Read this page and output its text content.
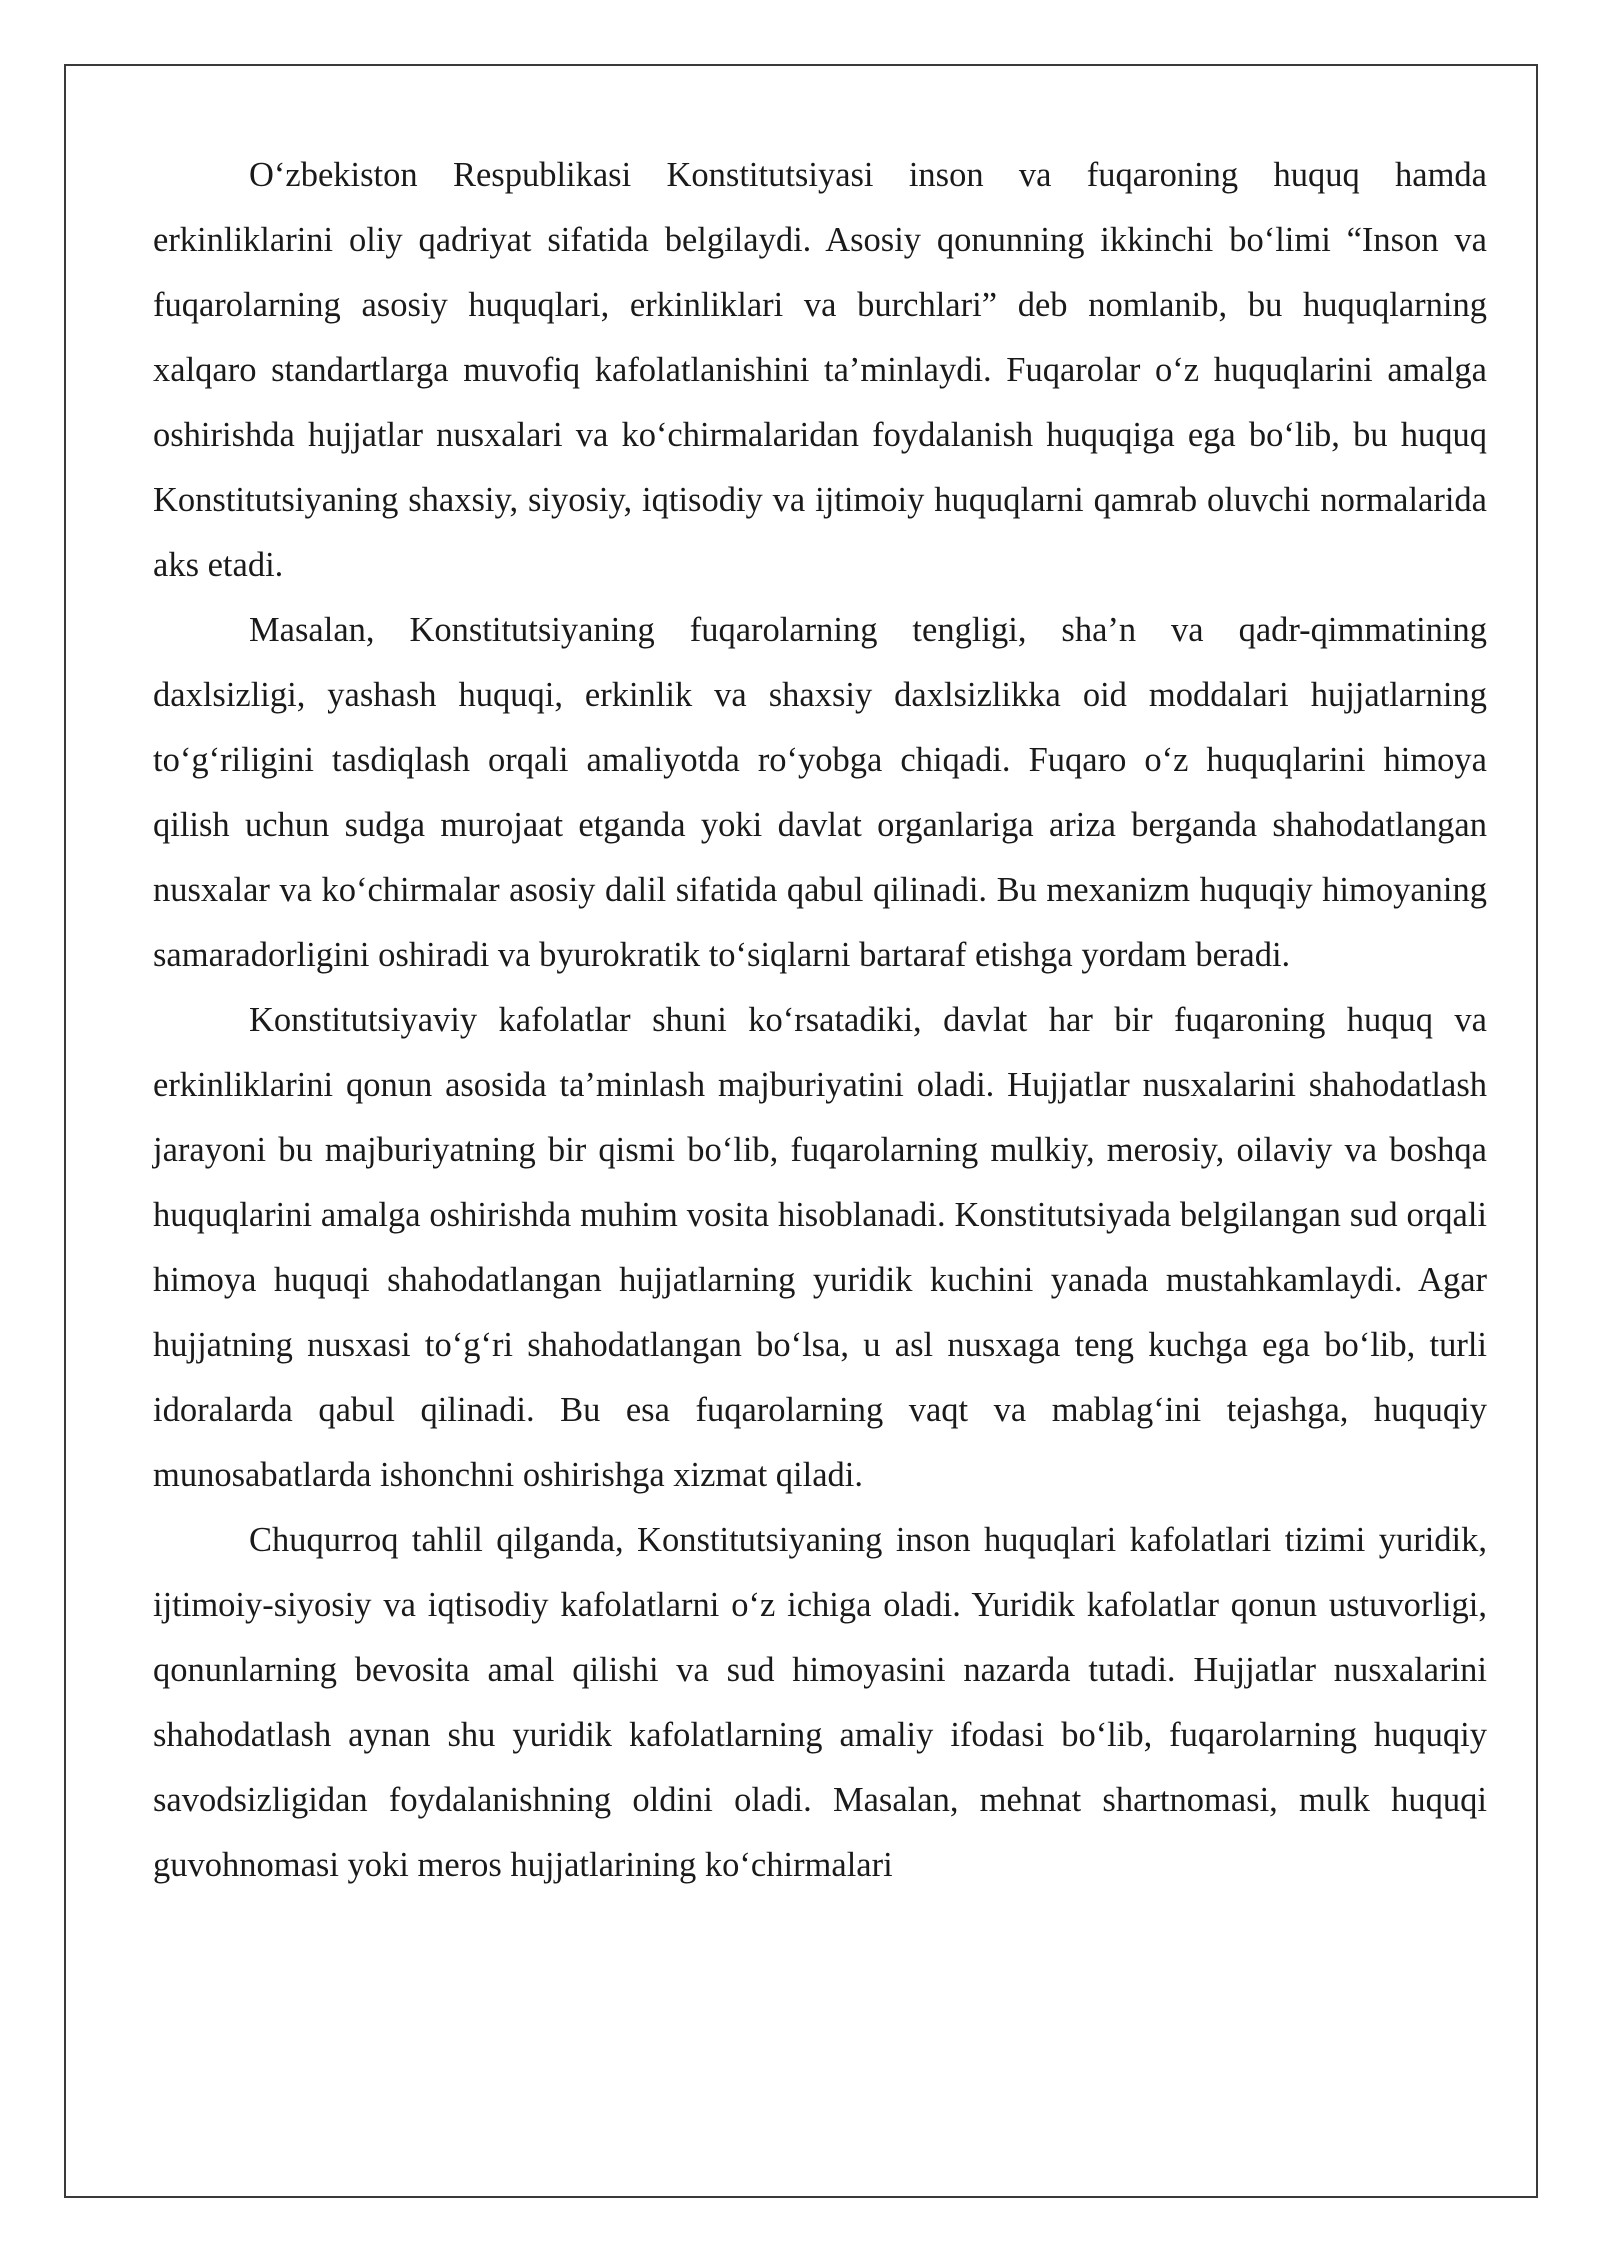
O‘zbekiston Respublikasi Konstitutsiyasi inson va fuqaroning huquq hamda erkinliklarini oliy qadriyat sifatida belgilaydi. Asosiy qonunning ikkinchi bo‘limi “Inson va fuqarolarning asosiy huquqlari, erkinliklari va burchlari” deb nomlanib, bu huquqlarning xalqaro standartlarga muvofiq kafolatlanishini ta’minlaydi. Fuqarolar o‘z huquqlarini amalga oshirishda hujjatlar nusxalari va ko‘chirmalaridan foydalanish huquqiga ega bo‘lib, bu huquq Konstitutsiyaning shaxsiy, siyosiy, iqtisodiy va ijtimoiy huquqlarni qamrab oluvchi normalarida aks etadi.

Masalan, Konstitutsiyaning fuqarolarning tengligi, sha’n va qadr-qimmatining daxlsizligi, yashash huquqi, erkinlik va shaxsiy daxlsizlikka oid moddalari hujjatlarning to‘g‘riligini tasdiqlash orqali amaliyotda ro‘yobga chiqadi. Fuqaro o‘z huquqlarini himoya qilish uchun sudga murojaat etganda yoki davlat organlariga ariza berganda shahodatlangan nusxalar va ko‘chirmalar asosiy dalil sifatida qabul qilinadi. Bu mexanizm huquqiy himoyaning samaradorligini oshiradi va byurokratik to‘siqlarni bartaraf etishga yordam beradi.

Konstitutsiyaviy kafolatlar shuni ko‘rsatadiki, davlat har bir fuqaroning huquq va erkinliklarini qonun asosida ta’minlash majburiyatini oladi. Hujjatlar nusxalarini shahodatlash jarayoni bu majburiyatning bir qismi bo‘lib, fuqarolarning mulkiy, merosiy, oilaviy va boshqa huquqlarini amalga oshirishda muhim vosita hisoblanadi. Konstitutsiyada belgilangan sud orqali himoya huquqi shahodatlangan hujjatlarning yuridik kuchini yanada mustahkamlaydi. Agar hujjatning nusxasi to‘g‘ri shahodatlangan bo‘lsa, u asl nusxaga teng kuchga ega bo‘lib, turli idoralarda qabul qilinadi. Bu esa fuqarolarning vaqt va mablag‘ini tejashga, huquqiy munosabatlarda ishonchni oshirishga xizmat qiladi.

Chuqurroq tahlil qilganda, Konstitutsiyaning inson huquqlari kafolatlari tizimi yuridik, ijtimoiy-siyosiy va iqtisodiy kafolatlarni o‘z ichiga oladi. Yuridik kafolatlar qonun ustuvorligi, qonunlarning bevosita amal qilishi va sud himoyasini nazarda tutadi. Hujjatlar nusxalarini shahodatlash aynan shu yuridik kafolatlarning amaliy ifodasi bo‘lib, fuqarolarning huquqiy savodsizligidan foydalanishning oldini oladi. Masalan, mehnat shartnomasi, mulk huquqi guvohnomasi yoki meros hujjatlarining ko‘chirmalari
